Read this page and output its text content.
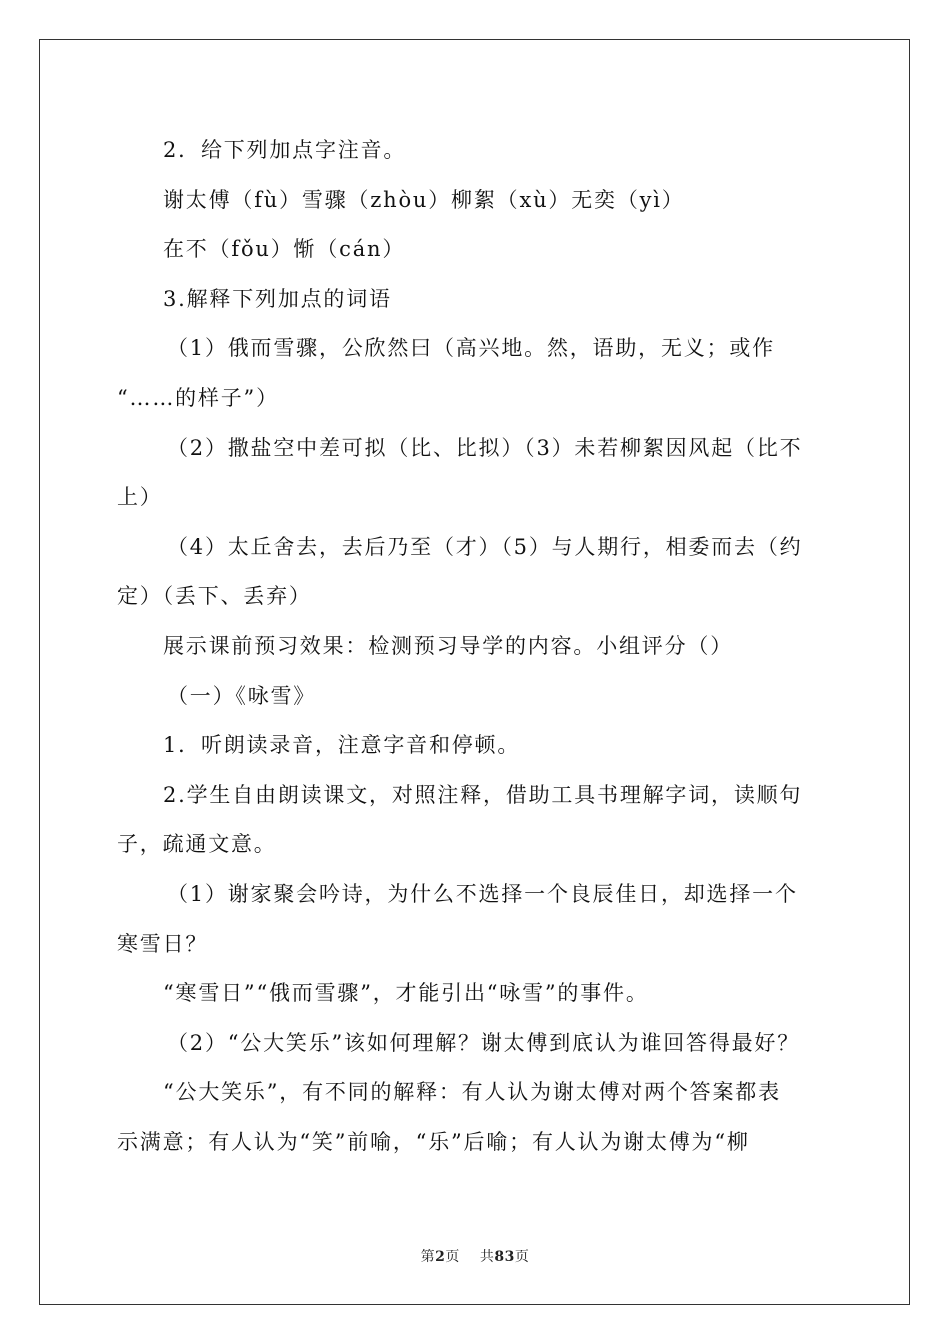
2．给下列加点字注音。
谢太傅（fù）雪骤（zhòu）柳絮（xù）无奕（yì）
在不（fǒu）惭（cán）
3.解释下列加点的词语
（1）俄而雪骤，公欣然曰（高兴地。然，语助，无义；或作
“……的样子”）
（2）撒盐空中差可拟（比、比拟）（3）未若柳絮因风起（比不
上）
（4）太丘舍去，去后乃至（才）（5）与人期行，相委而去（约
定）（丢下、丢弃）
展示课前预习效果：检测预习导学的内容。小组评分（）
（一）《咏雪》
1．听朗读录音，注意字音和停顿。
2.学生自由朗读课文，对照注释，借助工具书理解字词，读顺句
子，疏通文意。
（1）谢家聚会吟诗，为什么不选择一个良辰佳日，却选择一个
寒雪日？
“寒雪日”“俄而雪骤”，才能引出“咏雪”的事件。
（2）“公大笑乐”该如何理解？谢太傅到底认为谁回答得最好？
“公大笑乐”，有不同的解释：有人认为谢太傅对两个答案都表
示满意；有人认为“笑”前喻，“乐”后喻；有人认为谢太傅为“柳
第2页 共83页
